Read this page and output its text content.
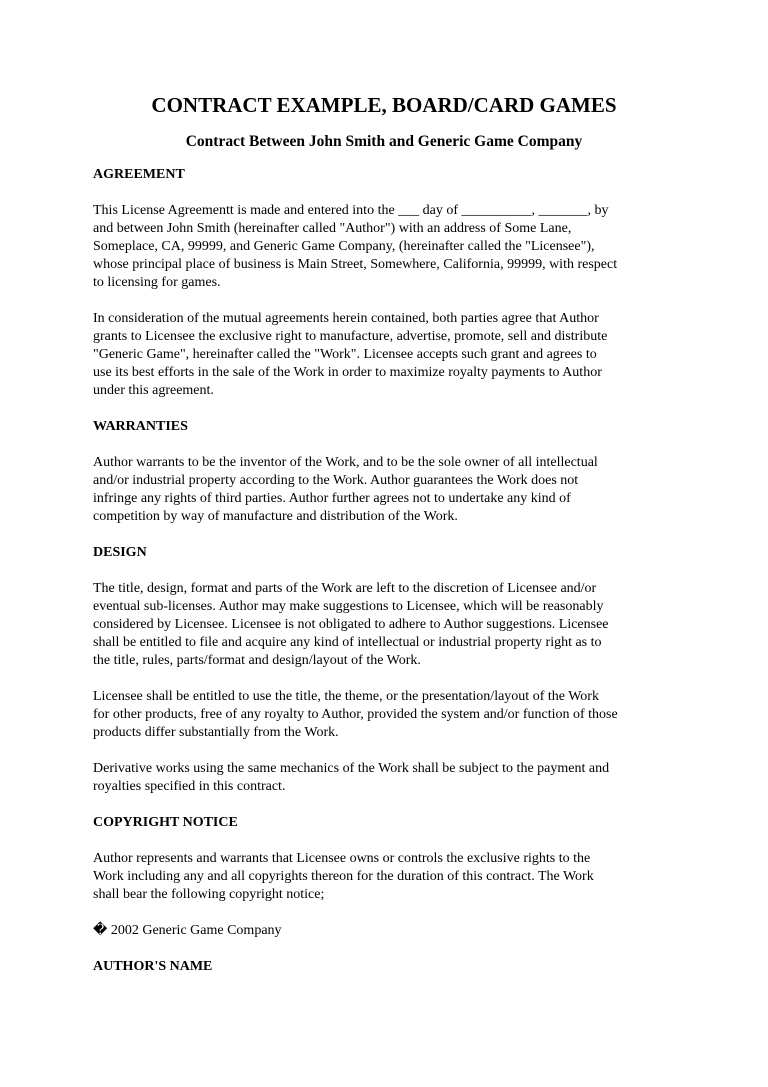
CONTRACT EXAMPLE, BOARD/CARD GAMES
Contract Between John Smith and Generic Game Company
AGREEMENT
This License Agreementt is made and entered into the ___ day of __________, _______, by
and between John Smith (hereinafter called "Author") with an address of Some Lane,
Someplace, CA, 99999, and Generic Game Company, (hereinafter called the "Licensee"),
whose principal place of business is Main Street, Somewhere, California, 99999, with respect
to licensing for games.
In consideration of the mutual agreements herein contained, both parties agree that Author
grants to Licensee the exclusive right to manufacture, advertise, promote, sell and distribute
"Generic Game", hereinafter called the "Work". Licensee accepts such grant and agrees to
use its best efforts in the sale of the Work in order to maximize royalty payments to Author
under this agreement.
WARRANTIES
Author warrants to be the inventor of the Work, and to be the sole owner of all intellectual
and/or industrial property according to the Work. Author guarantees the Work does not
infringe any rights of third parties. Author further agrees not to undertake any kind of
competition by way of manufacture and distribution of the Work.
DESIGN
The title, design, format and parts of the Work are left to the discretion of Licensee and/or
eventual sub-licenses. Author may make suggestions to Licensee, which will be reasonably
considered by Licensee. Licensee is not obligated to adhere to Author suggestions. Licensee
shall be entitled to file and acquire any kind of intellectual or industrial property right as to
the title, rules, parts/format and design/layout of the Work.
Licensee shall be entitled to use the title, the theme, or the presentation/layout of the Work
for other products, free of any royalty to Author, provided the system and/or function of those
products differ substantially from the Work.
Derivative works using the same mechanics of the Work shall be subject to the payment and
royalties specified in this contract.
COPYRIGHT NOTICE
Author represents and warrants that Licensee owns or controls the exclusive rights to the
Work including any and all copyrights thereon for the duration of this contract. The Work
shall bear the following copyright notice;
� 2002 Generic Game Company
AUTHOR'S NAME
